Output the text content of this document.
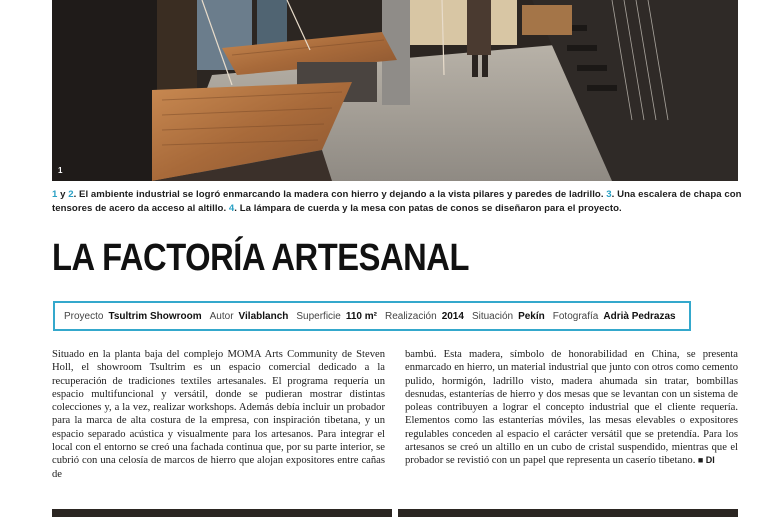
1
1 y 2. El ambiente industrial se logró enmarcando la madera con hierro y dejando a la vista pilares y paredes de ladrillo. 3. Una escalera de chapa con tensores de acero da acceso al altillo. 4. La lámpara de cuerda y la mesa con patas de conos se diseñaron para el proyecto.
LA FACTORÍA ARTESANAL
Proyecto Tsultrim Showroom Autor Vilablanch Superficie 110 m² Realización 2014 Situación Pekín Fotografía Adrià Pedrazas
Situado en la planta baja del complejo MOMA Arts Community de Steven Holl, el showroom Tsultrim es un espacio comercial dedicado a la recuperación de tradiciones textiles artesanales. El programa requería un espacio multifuncional y versátil, donde se pudieran mostrar distintas colecciones y, a la vez, realizar workshops. Además debía incluir un probador para la marca de alta costura de la empresa, con inspiración tibetana, y un espacio separado acústica y visualmente para los artesanos. Para integrar el local con el entorno se creó una fachada continua que, por su parte interior, se cubrió con una celosía de marcos de hierro que alojan expositores entre cañas de
bambú. Esta madera, símbolo de honorabilidad en China, se presenta enmarcado en hierro, un material industrial que junto con otros como cemento pulido, hormigón, ladrillo visto, madera ahumada sin tratar, bombillas desnudas, estanterías de hierro y dos mesas que se levantan con un sistema de poleas contribuyen a lograr el concepto industrial que el cliente requería. Elementos como las estanterías móviles, las mesas elevables o expositores regulables conceden al espacio el carácter versátil que se pretendía. Para los artesanos se creó un altillo en un cubo de cristal suspendido, mientras que el probador se revistió con un papel que representa un caserío tibetano. ■ DI
